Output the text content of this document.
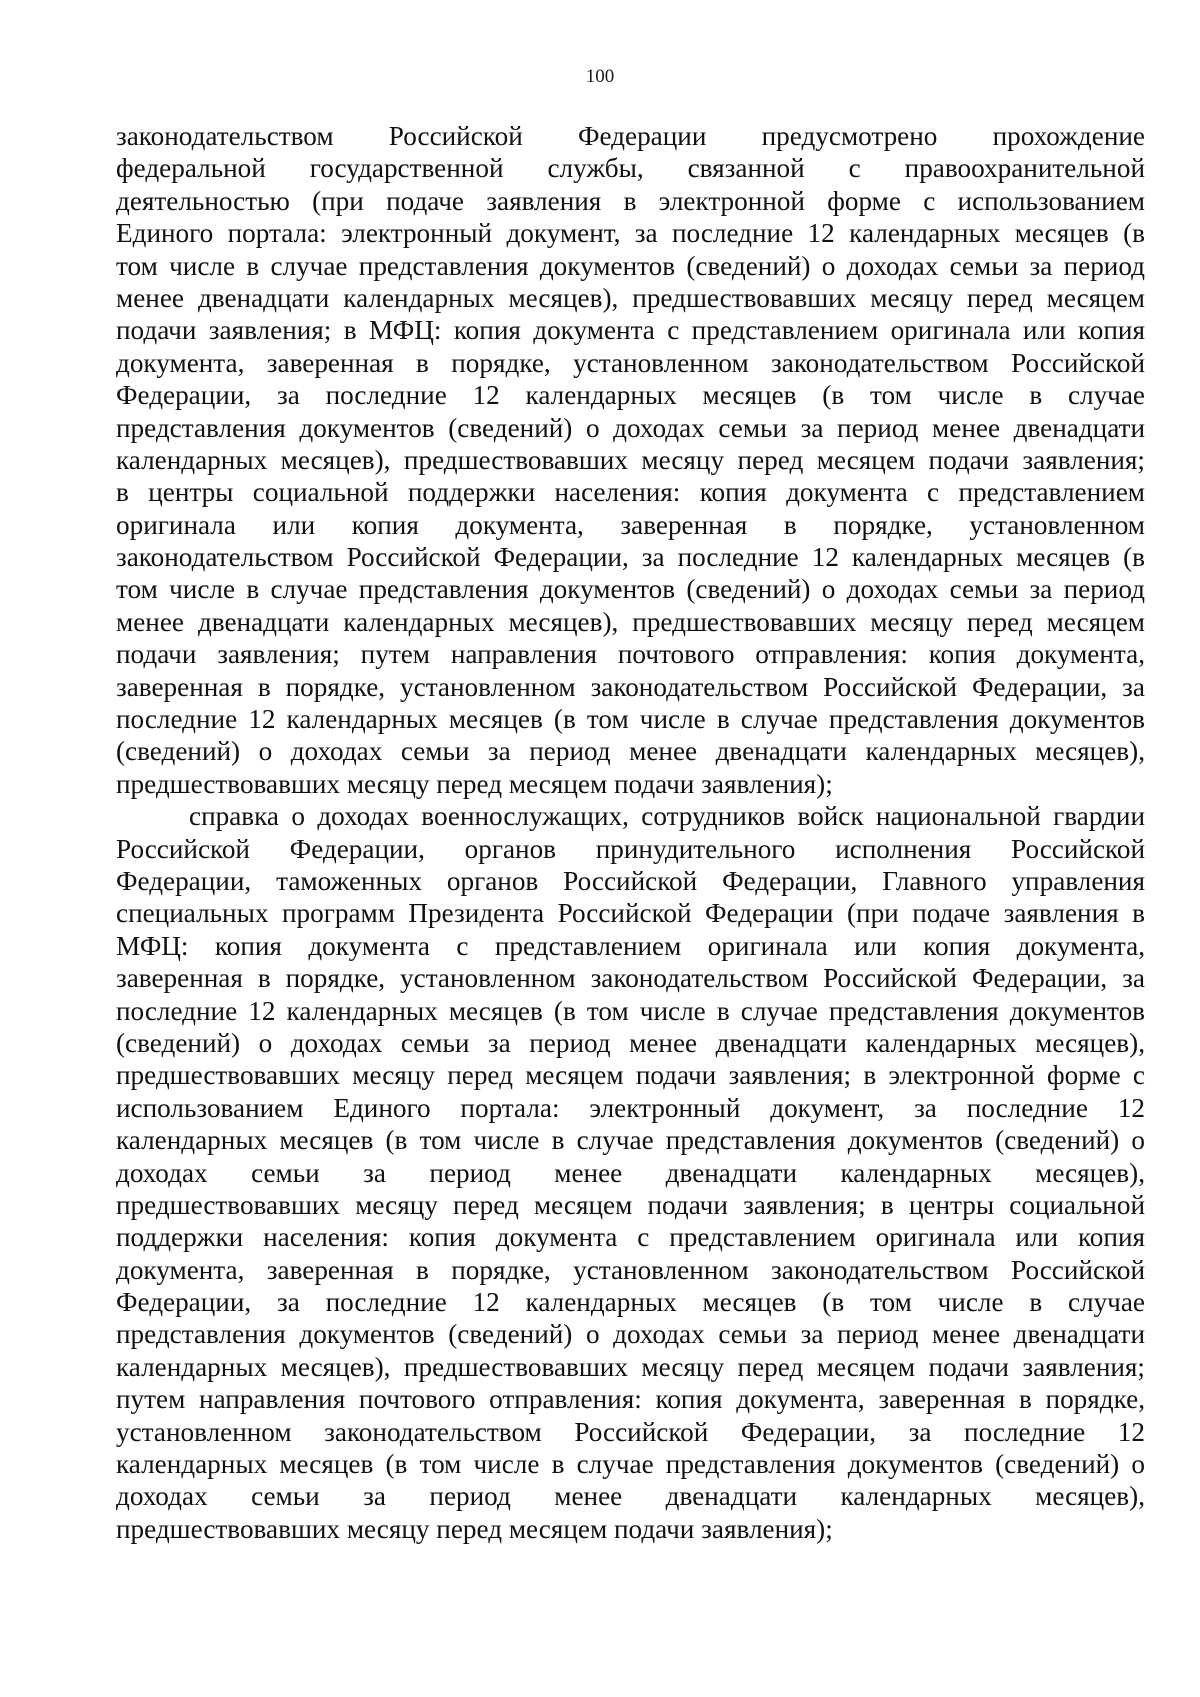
100
законодательством Российской Федерации предусмотрено прохождение
федеральной государственной службы, связанной с правоохранительной
деятельностью (при подаче заявления в электронной форме с использованием
Единого портала: электронный документ, за последние 12 календарных месяцев (в
том числе в случае представления документов (сведений) о доходах семьи за период
менее двенадцати календарных месяцев), предшествовавших месяцу перед месяцем
подачи заявления; в МФЦ: копия документа с представлением оригинала или копия
документа, заверенная в порядке, установленном законодательством Российской
Федерации, за последние 12 календарных месяцев (в том числе в случае
представления документов (сведений) о доходах семьи за период менее двенадцати
календарных месяцев), предшествовавших месяцу перед месяцем подачи заявления;
в центры социальной поддержки населения: копия документа с представлением
оригинала или копия документа, заверенная в порядке, установленном
законодательством Российской Федерации, за последние 12 календарных месяцев (в
том числе в случае представления документов (сведений) о доходах семьи за период
менее двенадцати календарных месяцев), предшествовавших месяцу перед месяцем
подачи заявления; путем направления почтового отправления: копия документа,
заверенная в порядке, установленном законодательством Российской Федерации, за
последние 12 календарных месяцев (в том числе в случае представления документов
(сведений) о доходах семьи за период менее двенадцати календарных месяцев),
предшествовавших месяцу перед месяцем подачи заявления);
справка о доходах военнослужащих, сотрудников войск национальной гвардии
Российской Федерации, органов принудительного исполнения Российской
Федерации, таможенных органов Российской Федерации, Главного управления
специальных программ Президента Российской Федерации (при подаче заявления в
МФЦ: копия документа с представлением оригинала или копия документа,
заверенная в порядке, установленном законодательством Российской Федерации, за
последние 12 календарных месяцев (в том числе в случае представления документов
(сведений) о доходах семьи за период менее двенадцати календарных месяцев),
предшествовавших месяцу перед месяцем подачи заявления; в электронной форме с
использованием Единого портала: электронный документ, за последние 12
календарных месяцев (в том числе в случае представления документов (сведений) о
доходах семьи за период менее двенадцати календарных месяцев),
предшествовавших месяцу перед месяцем подачи заявления; в центры социальной
поддержки населения: копия документа с представлением оригинала или копия
документа, заверенная в порядке, установленном законодательством Российской
Федерации, за последние 12 календарных месяцев (в том числе в случае
представления документов (сведений) о доходах семьи за период менее двенадцати
календарных месяцев), предшествовавших месяцу перед месяцем подачи заявления;
путем направления почтового отправления: копия документа, заверенная в порядке,
установленном законодательством Российской Федерации, за последние 12
календарных месяцев (в том числе в случае представления документов (сведений) о
доходах семьи за период менее двенадцати календарных месяцев),
предшествовавших месяцу перед месяцем подачи заявления);
